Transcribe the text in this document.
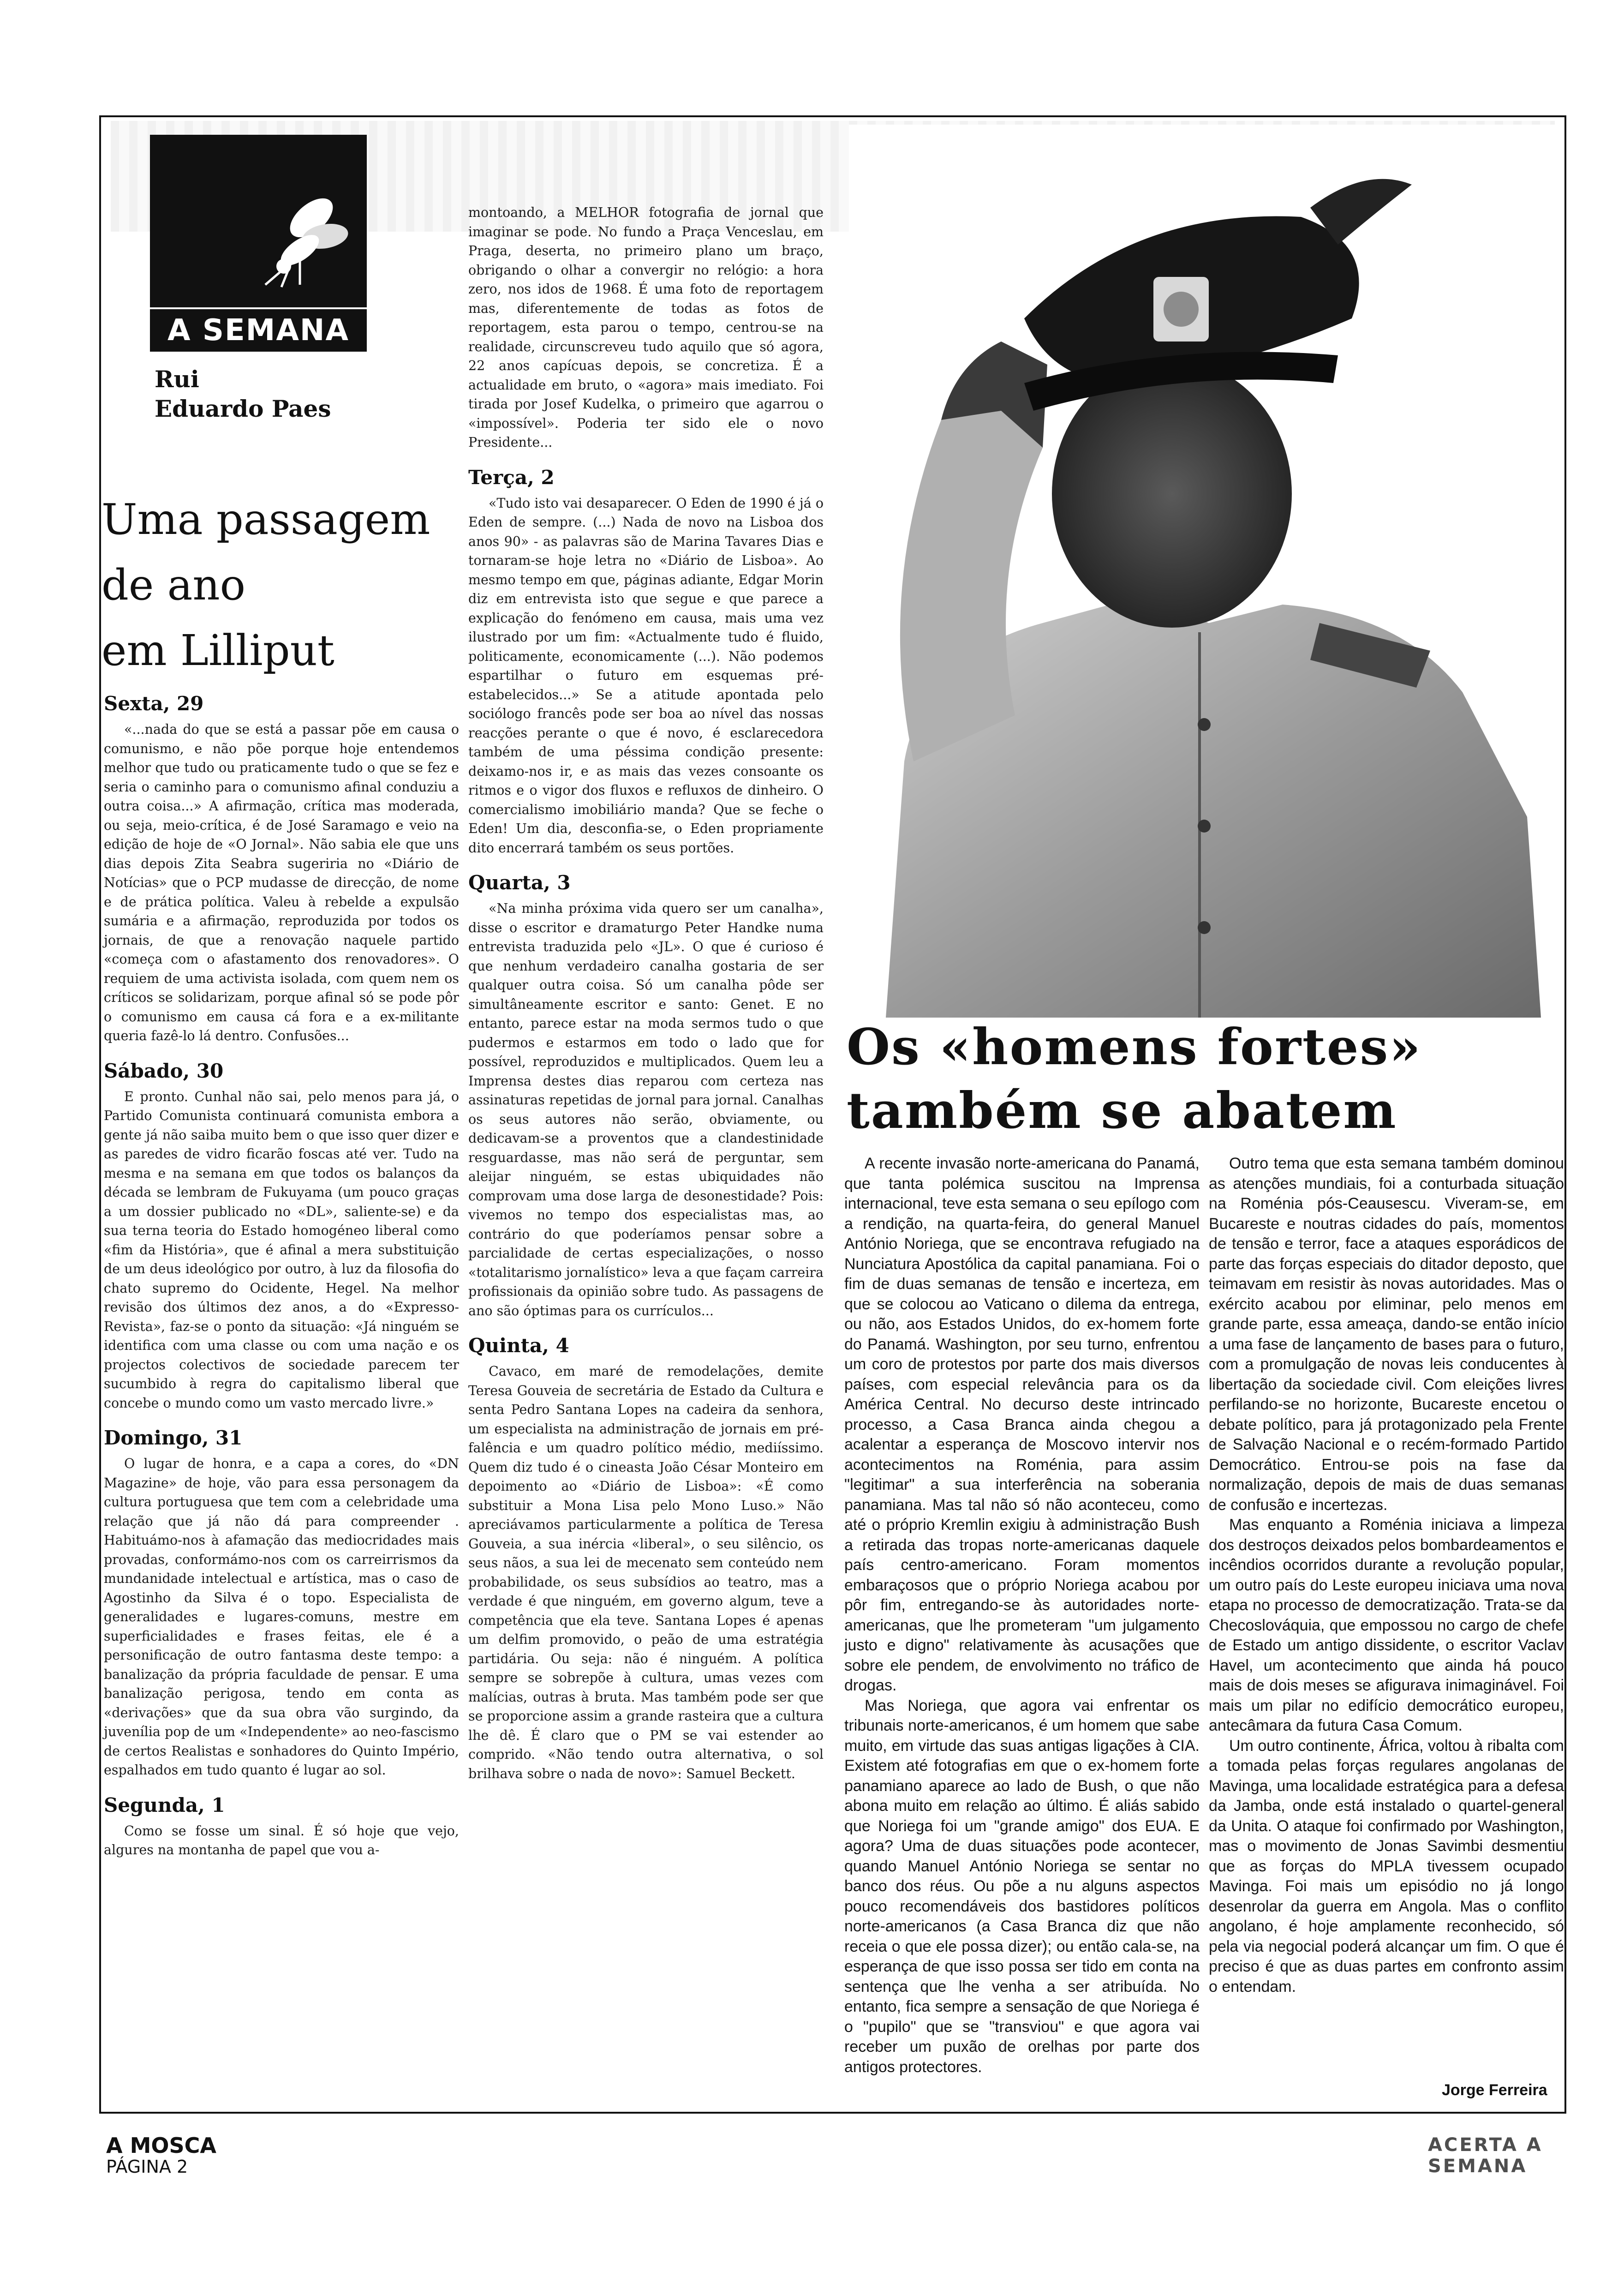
A SEMANA
Rui
Eduardo Paes
Uma passagem
de ano
em Lilliput
Sexta, 29

«...nada do que se está a passar põe em causa o comunismo, e não põe porque hoje entendemos melhor que tudo ou praticamente tudo o que se fez e seria o caminho para o comunismo afinal conduziu a outra coisa...» A afirmação, crítica mas moderada, ou seja, meio-crítica, é de José Saramago e veio na edição de hoje de «O Jornal». Não sabia ele que uns dias depois Zita Seabra sugeriria no «Diário de Notícias» que o PCP mudasse de direcção, de nome e de prática política. Valeu à rebelde a expulsão sumária e a afirmação, reproduzida por todos os jornais, de que a renovação naquele partido «começa com o afastamento dos renovadores». O requiem de uma activista isolada, com quem nem os críticos se solidarizam, porque afinal só se pode pôr o comunismo em causa cá fora e a ex-militante queria fazê-lo lá dentro. Confusões...

Sábado, 30

E pronto. Cunhal não sai, pelo menos para já, o Partido Comunista continuará comunista embora a gente já não saiba muito bem o que isso quer dizer e as paredes de vidro ficarão foscas até ver. Tudo na mesma e na semana em que todos os balanços da década se lembram de Fukuyama (um pouco graças a um dossier publicado no «DL», saliente-se) e da sua terna teoria do Estado homogéneo liberal como «fim da História», que é afinal a mera substituição de um deus ideológico por outro, à luz da filosofia do chato supremo do Ocidente, Hegel. Na melhor revisão dos últimos dez anos, a do «Expresso-Revista», faz-se o ponto da situação: «Já ninguém se identifica com uma classe ou com uma nação e os projectos colectivos de sociedade parecem ter sucumbido à regra do capitalismo liberal que concebe o mundo como um vasto mercado livre.»

Domingo, 31

O lugar de honra, e a capa a cores, do «DN Magazine» de hoje, vão para essa personagem da cultura portuguesa que tem com a celebridade uma relação que já não dá para compreender . Habituámo-nos à afamação das mediocridades mais provadas, conformámo-nos com os carreirrismos da mundanidade intelectual e artística, mas o caso de Agostinho da Silva é o topo. Especialista de generalidades e lugares-comuns, mestre em superficialidades e frases feitas, ele é a personificação de outro fantasma deste tempo: a banalização da própria faculdade de pensar. E uma banalização perigosa, tendo em conta as «derivações» que da sua obra vão surgindo, da juvenília pop de um «Independente» ao neo-fascismo de certos Realistas e sonhadores do Quinto Império, espalhados em tudo quanto é lugar ao sol.

Segunda, 1

Como se fosse um sinal. É só hoje que vejo, algures na montanha de papel que vou a-

montoando, a MELHOR fotografia de jornal que imaginar se pode. No fundo a Praça Venceslau, em Praga, deserta, no primeiro plano um braço, obrigando o olhar a convergir no relógio: a hora zero, nos idos de 1968. É uma foto de reportagem mas, diferentemente de todas as fotos de reportagem, esta parou o tempo, centrou-se na realidade, circunscreveu tudo aquilo que só agora, 22 anos capícuas depois, se concretiza. É a actualidade em bruto, o «agora» mais imediato. Foi tirada por Josef Kudelka, o primeiro que agarrou o «impossível». Poderia ter sido ele o novo Presidente...

Terça, 2

«Tudo isto vai desaparecer. O Eden de 1990 é já o Eden de sempre. (...) Nada de novo na Lisboa dos anos 90» - as palavras são de Marina Tavares Dias e tornaram-se hoje letra no «Diário de Lisboa». Ao mesmo tempo em que, páginas adiante, Edgar Morin diz em entrevista isto que segue e que parece a explicação do fenómeno em causa, mais uma vez ilustrado por um fim: «Actualmente tudo é fluido, politicamente, economicamente (...). Não podemos espartilhar o futuro em esquemas pré-estabelecidos...» Se a atitude apontada pelo sociólogo francês pode ser boa ao nível das nossas reacções perante o que é novo, é esclarecedora também de uma péssima condição presente: deixamo-nos ir, e as mais das vezes consoante os ritmos e o vigor dos fluxos e refluxos de dinheiro. O comercialismo imobiliário manda? Que se feche o Eden! Um dia, desconfia-se, o Eden propriamente dito encerrará também os seus portões.

Quarta, 3

«Na minha próxima vida quero ser um canalha», disse o escritor e dramaturgo Peter Handke numa entrevista traduzida pelo «JL». O que é curioso é que nenhum verdadeiro canalha gostaria de ser qualquer outra coisa. Só um canalha pôde ser simultâneamente escritor e santo: Genet. E no entanto, parece estar na moda sermos tudo o que pudermos e estarmos em todo o lado que for possível, reproduzidos e multiplicados. Quem leu a Imprensa destes dias reparou com certeza nas assinaturas repetidas de jornal para jornal. Canalhas os seus autores não serão, obviamente, ou dedicavam-se a proventos que a clandestinidade resguardasse, mas não será de perguntar, sem aleijar ninguém, se estas ubiquidades não comprovam uma dose larga de desonestidade? Pois: vivemos no tempo dos especialistas mas, ao contrário do que poderíamos pensar sobre a parcialidade de certas especializações, o nosso «totalitarismo jornalístico» leva a que façam carreira profissionais da opinião sobre tudo. As passagens de ano são óptimas para os currículos...

Quinta, 4

Cavaco, em maré de remodelações, demite Teresa Gouveia de secretária de Estado da Cultura e senta Pedro Santana Lopes na cadeira da senhora, um especialista na administração de jornais em pré-falência e um quadro político médio, mediíssimo. Quem diz tudo é o cineasta João César Monteiro em depoimento ao «Diário de Lisboa»: «É como substituir a Mona Lisa pelo Mono Luso.» Não apreciávamos particularmente a política de Teresa Gouveia, a sua inércia «liberal», o seu silêncio, os seus nãos, a sua lei de mecenato sem conteúdo nem probabilidade, os seus subsídios ao teatro, mas a verdade é que ninguém, em governo algum, teve a competência que ela teve. Santana Lopes é apenas um delfim promovido, o peão de uma estratégia partidária. Ou seja: não é ninguém. A política sempre se sobrepõe à cultura, umas vezes com malícias, outras à bruta. Mas também pode ser que se proporcione assim a grande rasteira que a cultura lhe dê. É claro que o PM se vai estender ao comprido. «Não tendo outra alternativa, o sol brilhava sobre o nada de novo»: Samuel Beckett.

Os «homens fortes»
também se abatem

A recente invasão norte-americana do Panamá, que tanta polémica suscitou na Imprensa internacional, teve esta semana o seu epílogo com a rendição, na quarta-feira, do general Manuel António Noriega, que se encontrava refugiado na Nunciatura Apostólica da capital panamiana. Foi o fim de duas semanas de tensão e incerteza, em que se colocou ao Vaticano o dilema da entrega, ou não, aos Estados Unidos, do ex-homem forte do Panamá. Washington, por seu turno, enfrentou um coro de protestos por parte dos mais diversos países, com especial relevância para os da América Central. No decurso deste intrincado processo, a Casa Branca ainda chegou a acalentar a esperança de Moscovo intervir nos acontecimentos na Roménia, para assim "legitimar" a sua interferência na soberania panamiana. Mas tal não só não aconteceu, como até o próprio Kremlin exigiu à administração Bush a retirada das tropas norte-americanas daquele país centro-americano. Foram momentos embaraçosos que o próprio Noriega acabou por pôr fim, entregando-se às autoridades norte-americanas, que lhe prometeram "um julgamento justo e digno" relativamente às acusações que sobre ele pendem, de envolvimento no tráfico de drogas.

Mas Noriega, que agora vai enfrentar os tribunais norte-americanos, é um homem que sabe muito, em virtude das suas antigas ligações à CIA. Existem até fotografias em que o ex-homem forte panamiano aparece ao lado de Bush, o que não abona muito em relação ao último. É aliás sabido que Noriega foi um "grande amigo" dos EUA. E agora? Uma de duas situações pode acontecer, quando Manuel António Noriega se sentar no banco dos réus. Ou põe a nu alguns aspectos pouco recomendáveis dos bastidores políticos norte-americanos (a Casa Branca diz que não receia o que ele possa dizer); ou então cala-se, na esperança de que isso possa ser tido em conta na sentença que lhe venha a ser atribuída. No entanto, fica sempre a sensação de que Noriega é o "pupilo" que se "transviou" e que agora vai receber um puxão de orelhas por parte dos antigos protectores.

Outro tema que esta semana também dominou as atenções mundiais, foi a conturbada situação na Roménia pós-Ceausescu. Viveram-se, em Bucareste e noutras cidades do país, momentos de tensão e terror, face a ataques esporádicos de parte das forças especiais do ditador deposto, que teimavam em resistir às novas autoridades. Mas o exército acabou por eliminar, pelo menos em grande parte, essa ameaça, dando-se então início a uma fase de lançamento de bases para o futuro, com a promulgação de novas leis conducentes à libertação da sociedade civil. Com eleições livres perfilando-se no horizonte, Bucareste encetou o debate político, para já protagonizado pela Frente de Salvação Nacional e o recém-formado Partido Democrático. Entrou-se pois na fase da normalização, depois de mais de duas semanas de confusão e incertezas.

Mas enquanto a Roménia iniciava a limpeza dos destroços deixados pelos bombardeamentos e incêndios ocorridos durante a revolução popular, um outro país do Leste europeu iniciava uma nova etapa no processo de democratização. Trata-se da Checoslováquia, que empossou no cargo de chefe de Estado um antigo dissidente, o escritor Vaclav Havel, um acontecimento que ainda há pouco mais de dois meses se afigurava inimaginável. Foi mais um pilar no edifício democrático europeu, antecâmara da futura Casa Comum.

Um outro continente, África, voltou à ribalta com a tomada pelas forças regulares angolanas de Mavinga, uma localidade estratégica para a defesa da Jamba, onde está instalado o quartel-general da Unita. O ataque foi confirmado por Washington, mas o movimento de Jonas Savimbi desmentiu que as forças do MPLA tivessem ocupado Mavinga. Foi mais um episódio no já longo desenrolar da guerra em Angola. Mas o conflito angolano, é hoje amplamente reconhecido, só pela via negocial poderá alcançar um fim. O que é preciso é que as duas partes em confronto assim o entendam.

Jorge Ferreira
A MOSCA
PÁGINA 2
ACERTA A SEMANA
